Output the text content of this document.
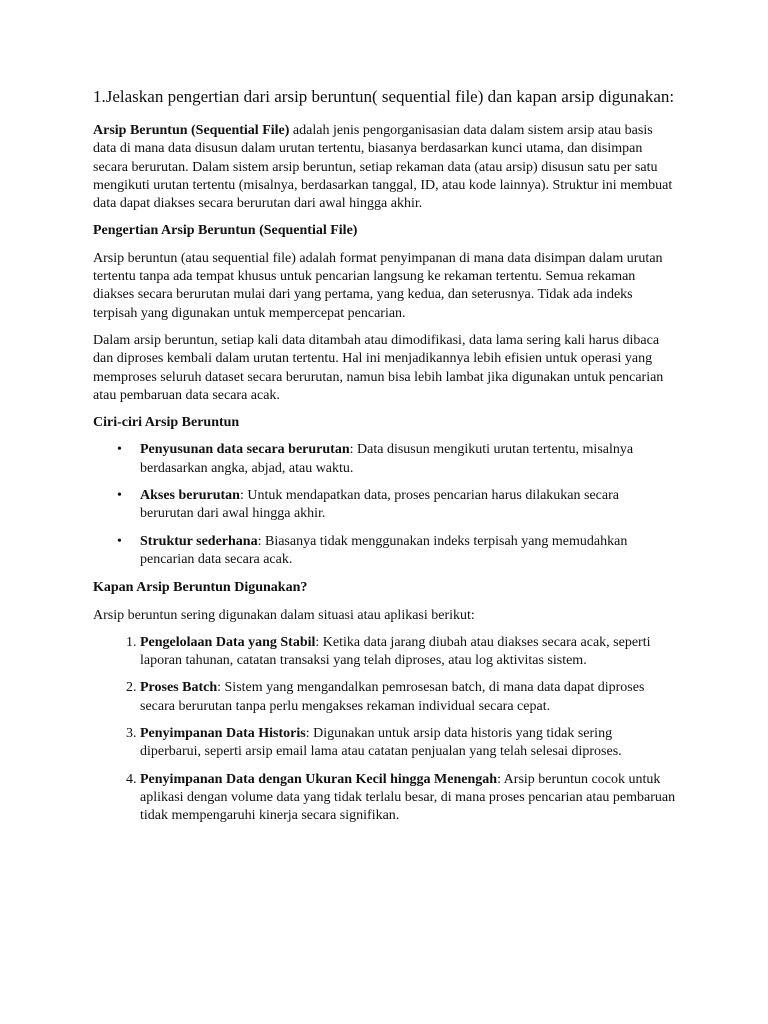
1.Jelaskan pengertian dari arsip beruntun( sequential file) dan kapan arsip digunakan:

Arsip Beruntun (Sequential File) adalah jenis pengorganisasian data dalam sistem arsip atau basis data di mana data disusun dalam urutan tertentu, biasanya berdasarkan kunci utama, dan disimpan secara berurutan. Dalam sistem arsip beruntun, setiap rekaman data (atau arsip) disusun satu per satu mengikuti urutan tertentu (misalnya, berdasarkan tanggal, ID, atau kode lainnya). Struktur ini membuat data dapat diakses secara berurutan dari awal hingga akhir.

Pengertian Arsip Beruntun (Sequential File)

Arsip beruntun (atau sequential file) adalah format penyimpanan di mana data disimpan dalam urutan tertentu tanpa ada tempat khusus untuk pencarian langsung ke rekaman tertentu. Semua rekaman diakses secara berurutan mulai dari yang pertama, yang kedua, dan seterusnya. Tidak ada indeks terpisah yang digunakan untuk mempercepat pencarian.

Dalam arsip beruntun, setiap kali data ditambah atau dimodifikasi, data lama sering kali harus dibaca dan diproses kembali dalam urutan tertentu. Hal ini menjadikannya lebih efisien untuk operasi yang memproses seluruh dataset secara berurutan, namun bisa lebih lambat jika digunakan untuk pencarian atau pembaruan data secara acak.

Ciri-ciri Arsip Beruntun
• Penyusunan data secara berurutan: Data disusun mengikuti urutan tertentu, misalnya berdasarkan angka, abjad, atau waktu.
• Akses berurutan: Untuk mendapatkan data, proses pencarian harus dilakukan secara berurutan dari awal hingga akhir.
• Struktur sederhana: Biasanya tidak menggunakan indeks terpisah yang memudahkan pencarian data secara acak.
Kapan Arsip Beruntun Digunakan?

Arsip beruntun sering digunakan dalam situasi atau aplikasi berikut:

1. Pengelolaan Data yang Stabil: Ketika data jarang diubah atau diakses secara acak, seperti laporan tahunan, catatan transaksi yang telah diproses, atau log aktivitas sistem.
2. Proses Batch: Sistem yang mengandalkan pemrosesan batch, di mana data dapat diproses secara berurutan tanpa perlu mengakses rekaman individual secara cepat.
3. Penyimpanan Data Historis: Digunakan untuk arsip data historis yang tidak sering diperbarui, seperti arsip email lama atau catatan penjualan yang telah selesai diproses.
4. Penyimpanan Data dengan Ukuran Kecil hingga Menengah: Arsip beruntun cocok untuk aplikasi dengan volume data yang tidak terlalu besar, di mana proses pencarian atau pembaruan tidak mempengaruhi kinerja secara signifikan.
